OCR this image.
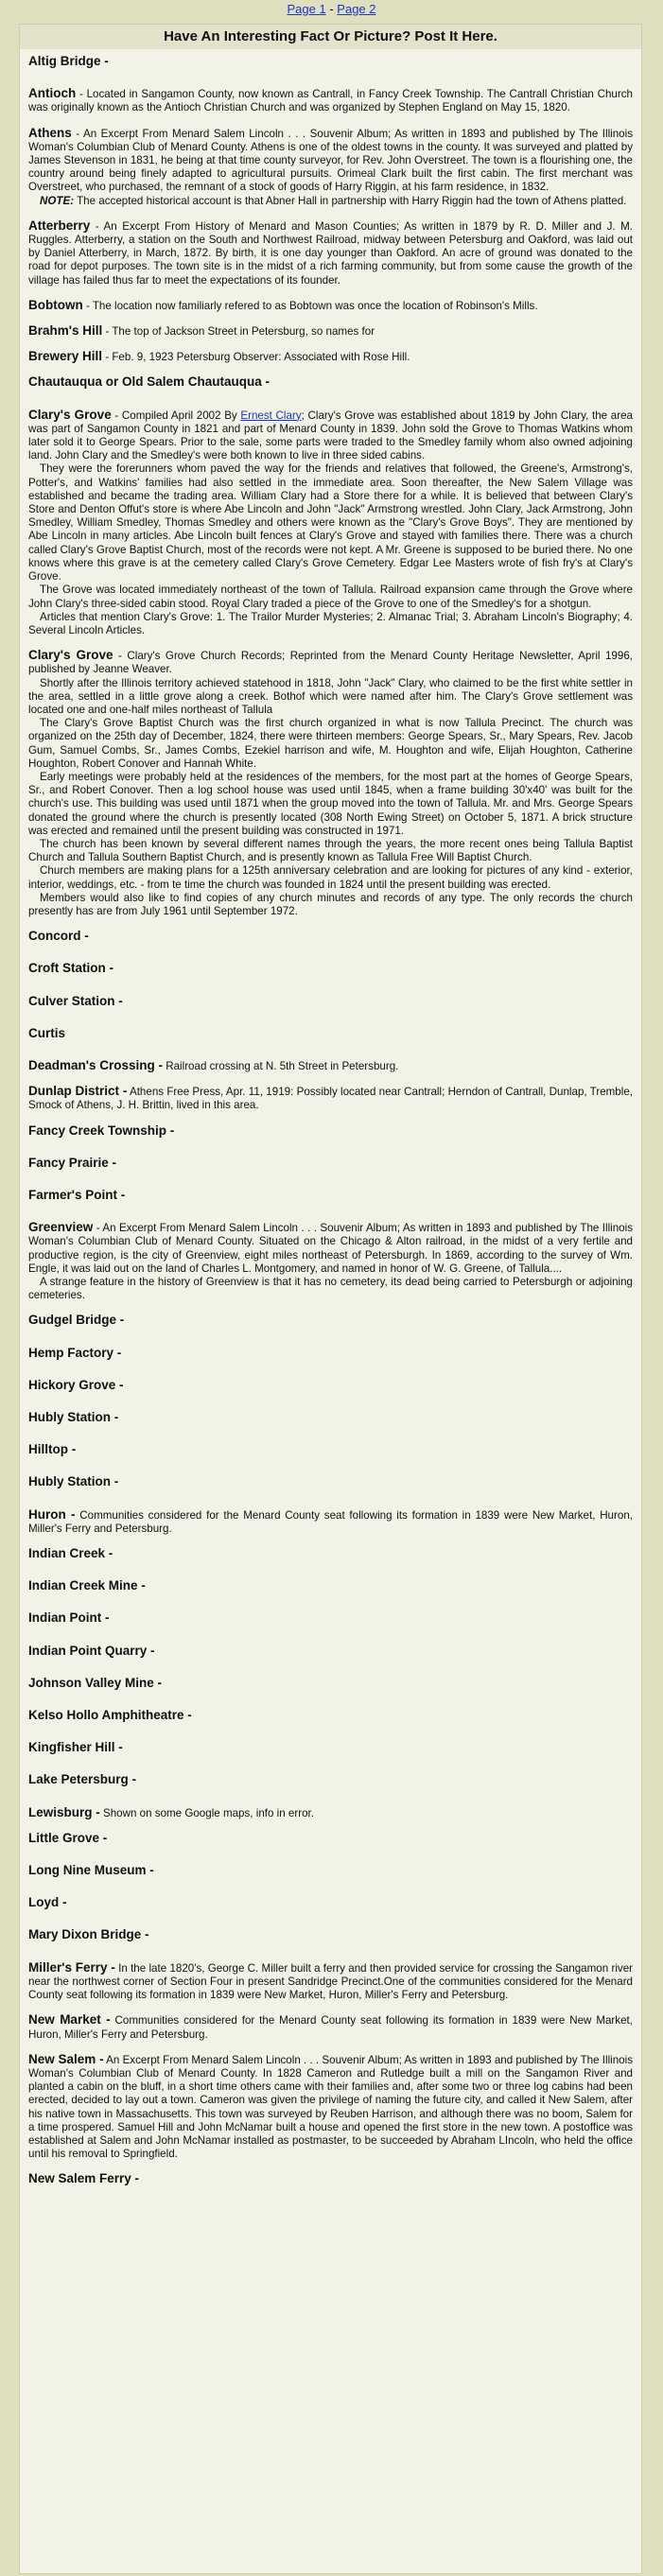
Page 1 - Page 2
Have An Interesting Fact Or Picture? Post It Here.

Altig Bridge -

Antioch - Located in Sangamon County, now known as Cantrall, in Fancy Creek Township. The Cantrall Christian Church was originally known as the Antioch Christian Church and was organized by Stephen England on May 15, 1820.

Athens - An Excerpt From Menard Salem Lincoln . . . Souvenir Album; As written in 1893 and published by The Illinois Woman's Columbian Club of Menard County. Athens is one of the oldest towns in the county. It was surveyed and platted by James Stevenson in 1831, he being at that time county surveyor, for Rev. John Overstreet. The town is a flourishing one, the country around being finely adapted to agricultural pursuits. Orimeal Clark built the first cabin. The first merchant was Overstreet, who purchased, the remnant of a stock of goods of Harry Riggin, at his farm residence, in 1832.

NOTE: The accepted historical account is that Abner Hall in partnership with Harry Riggin had the town of Athens platted.

Atterberry - An Excerpt From History of Menard and Mason Counties; As written in 1879 by R. D. Miller and J. M. Ruggles. Atterberry, a station on the South and Northwest Railroad, midway between Petersburg and Oakford, was laid out by Daniel Atterberry, in March, 1872. By birth, it is one day younger than Oakford. An acre of ground was donated to the road for depot purposes. The town site is in the midst of a rich farming community, but from some cause the growth of the village has failed thus far to meet the expectations of its founder.

Bobtown - The location now familiarly refered to as Bobtown was once the location of Robinson's Mills.

Brahm's Hill - The top of Jackson Street in Petersburg, so names for

Brewery Hill - Feb. 9, 1923 Petersburg Observer: Associated with Rose Hill.

Chautauqua or Old Salem Chautauqua -

Clary's Grove - Compiled April 2002 By Ernest Clary; Clary's Grove was established about 1819 by John Clary, the area was part of Sangamon County in 1821 and part of Menard County in 1839. John sold the Grove to Thomas Watkins whom later sold it to George Spears. Prior to the sale, some parts were traded to the Smedley family whom also owned adjoining land. John Clary and the Smedley's were both known to live in three sided cabins.

They were the forerunners whom paved the way for the friends and relatives that followed, the Greene's, Armstrong's, Potter's, and Watkins' families had also settled in the immediate area. Soon thereafter, the New Salem Village was established and became the trading area. William Clary had a Store there for a while. It is believed that between Clary's Store and Denton Offut's store is where Abe Lincoln and John "Jack" Armstrong wrestled. John Clary, Jack Armstrong, John Smedley, William Smedley, Thomas Smedley and others were known as the "Clary's Grove Boys". They are mentioned by Abe Lincoln in many articles. Abe Lincoln built fences at Clary's Grove and stayed with families there. There was a church called Clary's Grove Baptist Church, most of the records were not kept. A Mr. Greene is supposed to be buried there. No one knows where this grave is at the cemetery called Clary's Grove Cemetery. Edgar Lee Masters wrote of fish fry's at Clary's Grove.

The Grove was located immediately northeast of the town of Tallula. Railroad expansion came through the Grove where John Clary's three-sided cabin stood. Royal Clary traded a piece of the Grove to one of the Smedley's for a shotgun.

Articles that mention Clary's Grove: 1. The Trailor Murder Mysteries; 2. Almanac Trial; 3. Abraham Lincoln's Biography; 4. Several Lincoln Articles.

Clary's Grove - Clary's Grove Church Records; Reprinted from the Menard County Heritage Newsletter, April 1996, published by Jeanne Weaver.

Shortly after the Illinois territory achieved statehood in 1818, John "Jack" Clary, who claimed to be the first white settler in the area, settled in a little grove along a creek. Bothof which were named after him. The Clary's Grove settlement was located one and one-half miles northeast of Tallula

The Clary's Grove Baptist Church was the first church organized in what is now Tallula Precinct. The church was organized on the 25th day of December, 1824, there were thirteen members: George Spears, Sr., Mary Spears, Rev. Jacob Gum, Samuel Combs, Sr., James Combs, Ezekiel harrison and wife, M. Houghton and wife, Elijah Houghton, Catherine Houghton, Robert Conover and Hannah White.

Early meetings were probably held at the residences of the members, for the most part at the homes of George Spears, Sr., and Robert Conover. Then a log school house was used until 1845, when a frame building 30'x40' was built for the church's use. This building was used until 1871 when the group moved into the town of Tallula. Mr. and Mrs. George Spears donated the ground where the church is presently located (308 North Ewing Street) on October 5, 1871. A brick structure was erected and remained until the present building was constructed in 1971.

The church has been known by several different names through the years, the more recent ones being Tallula Baptist Church and Tallula Southern Baptist Church, and is presently known as Tallula Free Will Baptist Church.

Church members are making plans for a 125th anniversary celebration and are looking for pictures of any kind - exterior, interior, weddings, etc. - from te time the church was founded in 1824 until the present building was erected.

Members would also like to find copies of any church minutes and records of any type. The only records the church presently has are from July 1961 until September 1972.

Concord -

Croft Station -

Culver Station -

Curtis

Deadman's Crossing - Railroad crossing at N. 5th Street in Petersburg.

Dunlap District - Athens Free Press, Apr. 11, 1919: Possibly located near Cantrall; Herndon of Cantrall, Dunlap, Tremble, Smock of Athens, J. H. Brittin, lived in this area.

Fancy Creek Township -

Fancy Prairie -

Farmer's Point -

Greenview - An Excerpt From Menard Salem Lincoln . . . Souvenir Album; As written in 1893 and published by The Illinois Woman's Columbian Club of Menard County. Situated on the Chicago & Alton railroad, in the midst of a very fertile and productive region, is the city of Greenview, eight miles northeast of Petersburgh. In 1869, according to the survey of Wm. Engle, it was laid out on the land of Charles L. Montgomery, and named in honor of W. G. Greene, of Tallula....

A strange feature in the history of Greenview is that it has no cemetery, its dead being carried to Petersburgh or adjoining cemeteries.

Gudgel Bridge -

Hemp Factory -

Hickory Grove -

Hubly Station -

Hilltop -

Hubly Station -

Huron - Communities considered for the Menard County seat following its formation in 1839 were New Market, Huron, Miller's Ferry and Petersburg.

Indian Creek -

Indian Creek Mine -

Indian Point -

Indian Point Quarry -

Johnson Valley Mine -

Kelso Hollo Amphitheatre -

Kingfisher Hill -

Lake Petersburg -

Lewisburg - Shown on some Google maps, info in error.

Little Grove -

Long Nine Museum -

Loyd -

Mary Dixon Bridge -

Miller's Ferry - In the late 1820's, George C. Miller built a ferry and then provided service for crossing the Sangamon river near the northwest corner of Section Four in present Sandridge Precinct.One of the communities considered for the Menard County seat following its formation in 1839 were New Market, Huron, Miller's Ferry and Petersburg.

New Market - Communities considered for the Menard County seat following its formation in 1839 were New Market, Huron, Miller's Ferry and Petersburg.

New Salem - An Excerpt From Menard Salem Lincoln . . . Souvenir Album; As written in 1893 and published by The Illinois Woman's Columbian Club of Menard County. In 1828 Cameron and Rutledge built a mill on the Sangamon River and planted a cabin on the bluff, in a short time others came with their families and, after some two or three log cabins had been erected, decided to lay out a town. Cameron was given the privilege of naming the future city, and called it New Salem, after his native town in Massachusetts. This town was surveyed by Reuben Harrison, and although there was no boom, Salem for a time prospered. Samuel Hill and John McNamar built a house and opened the first store in the new town. A postoffice was established at Salem and John McNamar installed as postmaster, to be succeeded by Abraham LIncoln, who held the office until his removal to Springfield.

New Salem Ferry -
